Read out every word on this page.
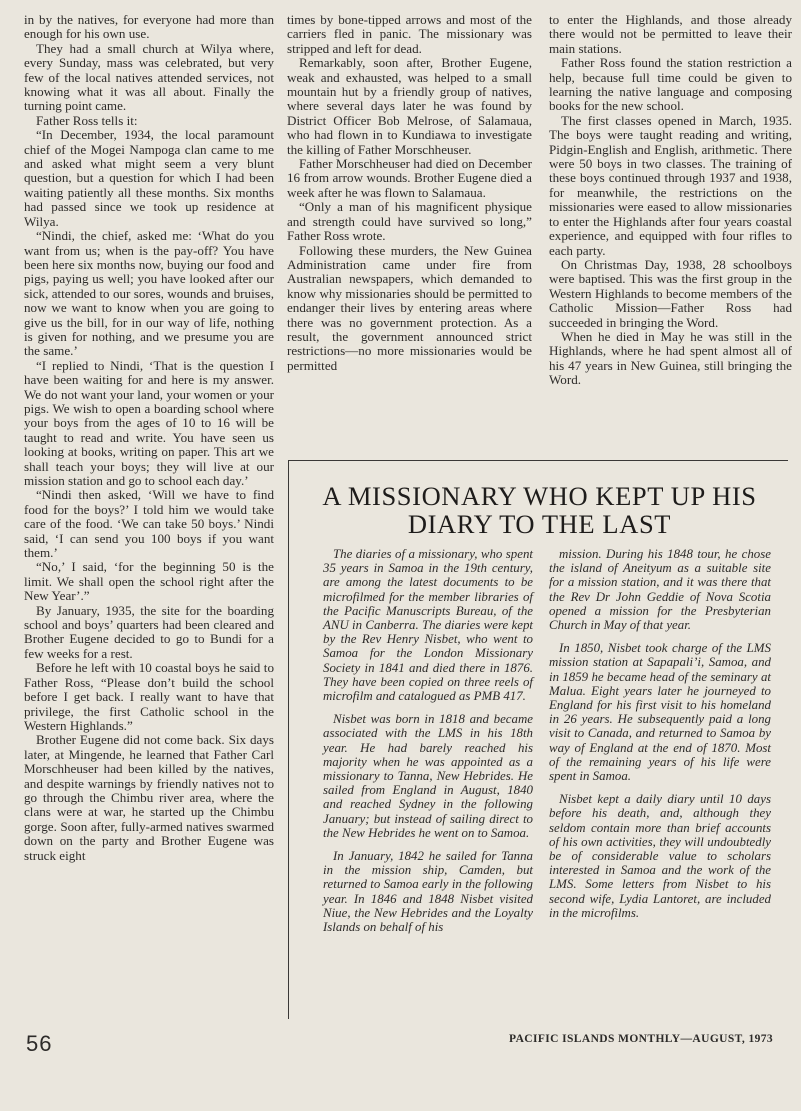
in by the natives, for everyone had more than enough for his own use.

They had a small church at Wilya where, every Sunday, mass was celebrated, but very few of the local natives attended services, not knowing what it was all about. Finally the turning point came.

Father Ross tells it:

“In December, 1934, the local paramount chief of the Mogei Nampoga clan came to me and asked what might seem a very blunt question, but a question for which I had been waiting patiently all these months. Six months had passed since we took up residence at Wilya.

“Nindi, the chief, asked me: ‘What do you want from us; when is the pay-off? You have been here six months now, buying our food and pigs, paying us well; you have looked after our sick, attended to our sores, wounds and bruises, now we want to know when you are going to give us the bill, for in our way of life, nothing is given for nothing, and we presume you are the same.’

“I replied to Nindi, ‘That is the question I have been waiting for and here is my answer. We do not want your land, your women or your pigs. We wish to open a boarding school where your boys from the ages of 10 to 16 will be taught to read and write. You have seen us looking at books, writing on paper. This art we shall teach your boys; they will live at our mission station and go to school each day.’

“Nindi then asked, ‘Will we have to find food for the boys?’ I told him we would take care of the food. ‘We can take 50 boys.’ Nindi said, ‘I can send you 100 boys if you want them.’

“No,’ I said, ‘for the beginning 50 is the limit. We shall open the school right after the New Year’.”

By January, 1935, the site for the boarding school and boys’ quarters had been cleared and Brother Eugene decided to go to Bundi for a few weeks for a rest.

Before he left with 10 coastal boys he said to Father Ross, “Please don’t build the school before I get back. I really want to have that privilege, the first Catholic school in the Western Highlands.”

Brother Eugene did not come back. Six days later, at Mingende, he learned that Father Carl Morschheuser had been killed by the natives, and despite warnings by friendly natives not to go through the Chimbu river area, where the clans were at war, he started up the Chimbu gorge. Soon after, fully-armed natives swarmed down on the party and Brother Eugene was struck eight

times by bone-tipped arrows and most of the carriers fled in panic. The missionary was stripped and left for dead.

Remarkably, soon after, Brother Eugene, weak and exhausted, was helped to a small mountain hut by a friendly group of natives, where several days later he was found by District Officer Bob Melrose, of Salamaua, who had flown in to Kundiawa to investigate the killing of Father Morschheuser.

Father Morschheuser had died on December 16 from arrow wounds. Brother Eugene died a week after he was flown to Salamaua.

“Only a man of his magnificent physique and strength could have survived so long,” Father Ross wrote.

Following these murders, the New Guinea Administration came under fire from Australian newspapers, which demanded to know why missionaries should be permitted to endanger their lives by entering areas where there was no government protection. As a result, the government announced strict restrictions—no more missionaries would be permitted

to enter the Highlands, and those already there would not be permitted to leave their main stations.

Father Ross found the station restriction a help, because full time could be given to learning the native language and composing books for the new school.

The first classes opened in March, 1935. The boys were taught reading and writing, Pidgin-English and English, arithmetic. There were 50 boys in two classes. The training of these boys continued through 1937 and 1938, for meanwhile, the restrictions on the missionaries were eased to allow missionaries to enter the Highlands after four years coastal experience, and equipped with four rifles to each party.

On Christmas Day, 1938, 28 schoolboys were baptised. This was the first group in the Western Highlands to become members of the Catholic Mission—Father Ross had succeeded in bringing the Word.

When he died in May he was still in the Highlands, where he had spent almost all of his 47 years in New Guinea, still bringing the Word.

A MISSIONARY WHO KEPT UP HIS DIARY TO THE LAST

The diaries of a missionary, who spent 35 years in Samoa in the 19th century, are among the latest documents to be microfilmed for the member libraries of the Pacific Manuscripts Bureau, of the ANU in Canberra. The diaries were kept by the Rev Henry Nisbet, who went to Samoa for the London Missionary Society in 1841 and died there in 1876. They have been copied on three reels of microfilm and catalogued as PMB 417.

Nisbet was born in 1818 and became associated with the LMS in his 18th year. He had barely reached his majority when he was appointed as a missionary to Tanna, New Hebrides. He sailed from England in August, 1840 and reached Sydney in the following January; but instead of sailing direct to the New Hebrides he went on to Samoa.

In January, 1842 he sailed for Tanna in the mission ship, Camden, but returned to Samoa early in the following year. In 1846 and 1848 Nisbet visited Niue, the New Hebrides and the Loyalty Islands on behalf of his

mission. During his 1848 tour, he chose the island of Aneityum as a suitable site for a mission station, and it was there that the Rev Dr John Geddie of Nova Scotia opened a mission for the Presbyterian Church in May of that year.

In 1850, Nisbet took charge of the LMS mission station at Sapapali’i, Samoa, and in 1859 he became head of the seminary at Malua. Eight years later he journeyed to England for his first visit to his homeland in 26 years. He subsequently paid a long visit to Canada, and returned to Samoa by way of England at the end of 1870. Most of the remaining years of his life were spent in Samoa.

Nisbet kept a daily diary until 10 days before his death, and, although they seldom contain more than brief accounts of his own activities, they will undoubtedly be of considerable value to scholars interested in Samoa and the work of the LMS. Some letters from Nisbet to his second wife, Lydia Lantoret, are included in the microfilms.

56	PACIFIC ISLANDS MONTHLY—AUGUST, 1973
